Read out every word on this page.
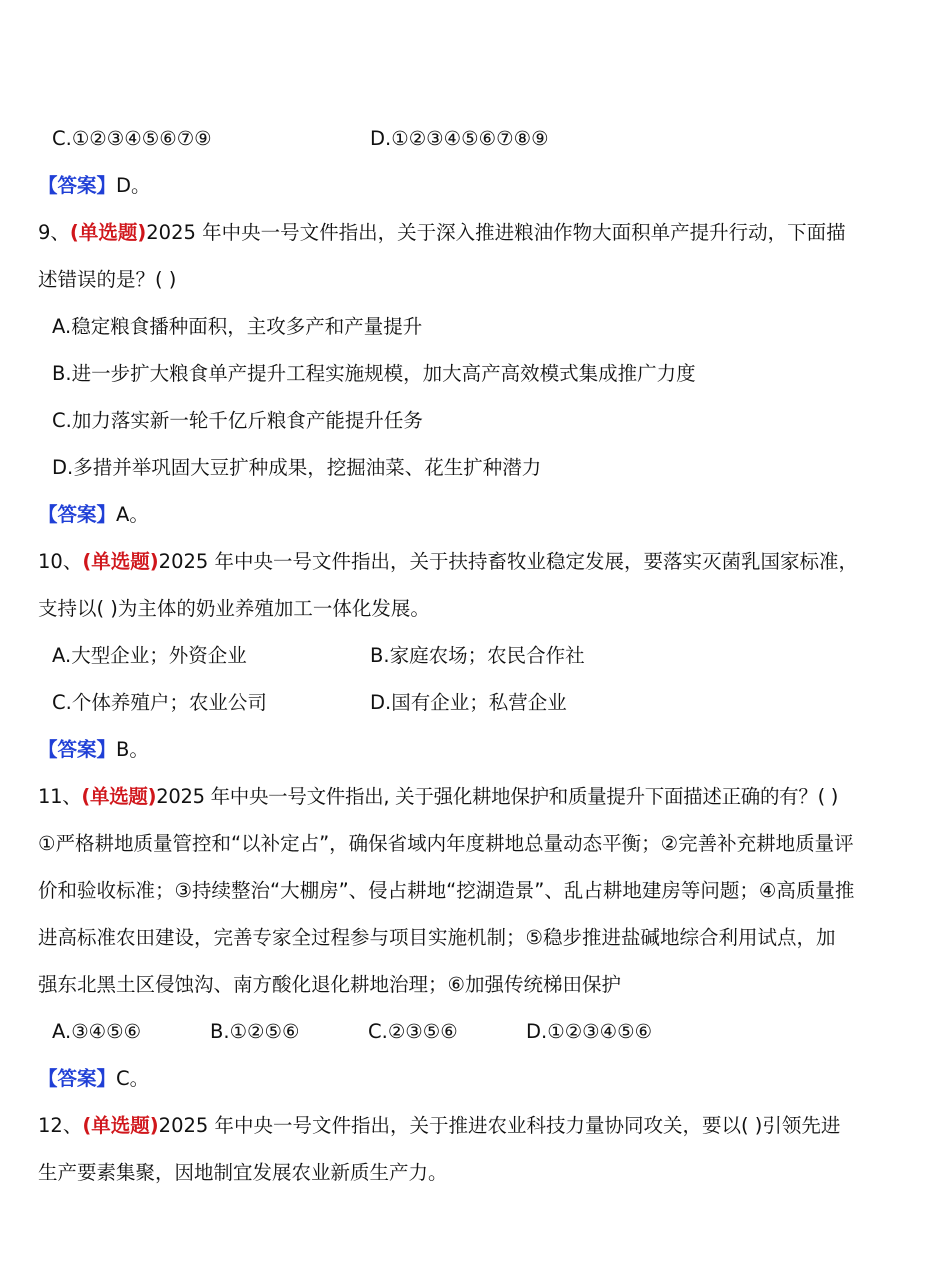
C.①②③④⑤⑥⑦⑨	D.①②③④⑤⑥⑦⑧⑨
【答案】D。
9、(单选题)2025 年中央一号文件指出，关于深入推进粮油作物大面积单产提升行动，下面描
述错误的是？( )
A.稳定粮食播种面积，主攻多产和产量提升
B.进一步扩大粮食单产提升工程实施规模，加大高产高效模式集成推广力度
C.加力落实新一轮千亿斤粮食产能提升任务
D.多措并举巩固大豆扩种成果，挖掘油菜、花生扩种潜力
【答案】A。
10、(单选题)2025 年中央一号文件指出，关于扶持畜牧业稳定发展，要落实灭菌乳国家标准，
支持以( )为主体的奶业养殖加工一体化发展。
A.大型企业；外资企业	B.家庭农场；农民合作社
C.个体养殖户；农业公司	D.国有企业；私营企业
【答案】B。
11、(单选题)2025 年中央一号文件指出, 关于强化耕地保护和质量提升下面描述正确的有？( )
①严格耕地质量管控和“以补定占”，确保省域内年度耕地总量动态平衡；②完善补充耕地质量评
价和验收标准；③持续整治“大棚房”、侵占耕地“挖湖造景”、乱占耕地建房等问题；④高质量推
进高标准农田建设，完善专家全过程参与项目实施机制；⑤稳步推进盐碱地综合利用试点，加
强东北黑土区侵蚀沟、南方酸化退化耕地治理；⑥加强传统梯田保护
A.③④⑤⑥	B.①②⑤⑥	C.②③⑤⑥	D.①②③④⑤⑥
【答案】C。
12、(单选题)2025 年中央一号文件指出，关于推进农业科技力量协同攻关，要以( )引领先进
生产要素集聚，因地制宜发展农业新质生产力。
